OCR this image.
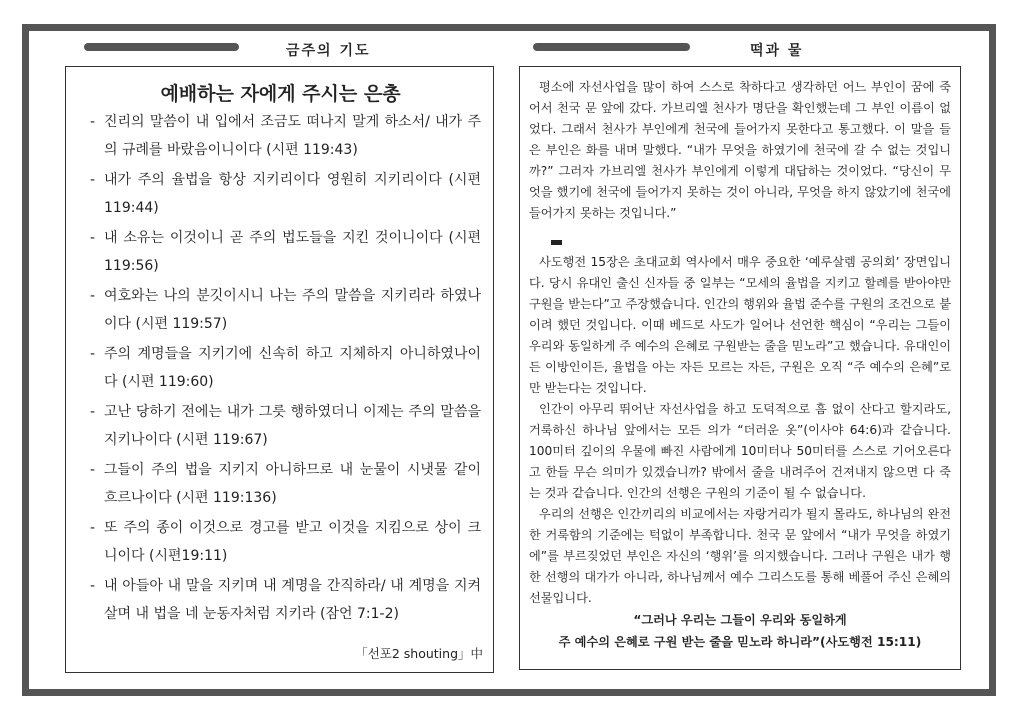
금주의 기도	떡과 물
예배하는 자에게 주시는 은총
- 진리의 말씀이 내 입에서 조금도 떠나지 말게 하소서/ 내가 주의 규례를 바랐음이니이다 (시편 119:43)
- 내가 주의 율법을 항상 지키리이다 영원히 지키리이다 (시편 119:44)
- 내 소유는 이것이니 곧 주의 법도들을 지킨 것이니이다 (시편 119:56)
- 여호와는 나의 분깃이시니 나는 주의 말씀을 지키리라 하였나이다 (시편 119:57)
- 주의 계명들을 지키기에 신속히 하고 지체하지 아니하였나이다 (시편 119:60)
- 고난 당하기 전에는 내가 그릇 행하였더니 이제는 주의 말씀을 지키나이다 (시편 119:67)
- 그들이 주의 법을 지키지 아니하므로 내 눈물이 시냇물 같이 흐르나이다 (시편 119:136)
- 또 주의 종이 이것으로 경고를 받고 이것을 지킴으로 상이 크니이다 (시편19:11)
- 내 아들아 내 말을 지키며 내 계명을 간직하라/ 내 계명을 지켜 살며 내 법을 네 눈동자처럼 지키라 (잠언 7:1-2)
「선포2 shouting」中

평소에 자선사업을 많이 하여 스스로 착하다고 생각하던 어느 부인이 꿈에 죽어서 천국 문 앞에 갔다. 가브리엘 천사가 명단을 확인했는데 그 부인 이름이 없었다. 그래서 천사가 부인에게 천국에 들어가지 못한다고 통고했다. 이 말을 들은 부인은 화를 내며 말했다. “내가 무엇을 하였기에 천국에 갈 수 없는 것입니까?” 그러자 가브리엘 천사가 부인에게 이렇게 대답하는 것이었다. “당신이 무엇을 했기에 천국에 들어가지 못하는 것이 아니라, 무엇을 하지 않았기에 천국에 들어가지 못하는 것입니다.”

사도행전 15장은 초대교회 역사에서 매우 중요한 ‘예루살렘 공의회’ 장면입니다. 당시 유대인 출신 신자들 중 일부는 “모세의 율법을 지키고 할례를 받아야만 구원을 받는다”고 주장했습니다. 인간의 행위와 율법 준수를 구원의 조건으로 붙이려 했던 것입니다. 이때 베드로 사도가 일어나 선언한 핵심이 “우리는 그들이 우리와 동일하게 주 예수의 은혜로 구원받는 줄을 믿노라”고 했습니다. 유대인이든 이방인이든, 율법을 아는 자든 모르는 자든, 구원은 오직 “주 예수의 은혜”로만 받는다는 것입니다.

인간이 아무리 뛰어난 자선사업을 하고 도덕적으로 흠 없이 산다고 할지라도, 거룩하신 하나님 앞에서는 모든 의가 “더러운 옷”(이사야 64:6)과 같습니다. 100미터 깊이의 우물에 빠진 사람에게 10미터나 50미터를 스스로 기어오른다고 한들 무슨 의미가 있겠습니까? 밖에서 줄을 내려주어 건져내지 않으면 다 죽는 것과 같습니다. 인간의 선행은 구원의 기준이 될 수 없습니다.

우리의 선행은 인간끼리의 비교에서는 자랑거리가 될지 몰라도, 하나님의 완전한 거룩함의 기준에는 턱없이 부족합니다. 천국 문 앞에서 “내가 무엇을 하였기에”를 부르짖었던 부인은 자신의 ‘행위’를 의지했습니다. 그러나 구원은 내가 행한 선행의 대가가 아니라, 하나님께서 예수 그리스도를 통해 베풀어 주신 은혜의 선물입니다.

“그러나 우리는 그들이 우리와 동일하게

주 예수의 은혜로 구원 받는 줄을 믿노라 하니라”(사도행전 15:11)
